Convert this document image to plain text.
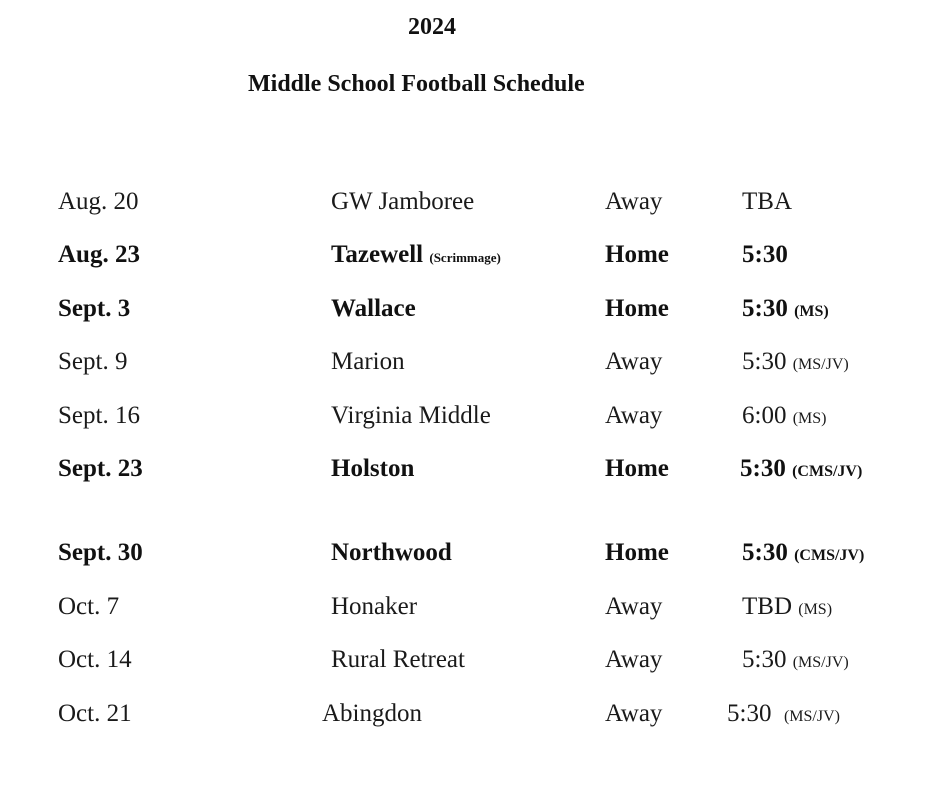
2024
Middle School Football Schedule
Aug. 20	GW Jamboree	Away	TBA
Aug. 23	Tazewell (Scrimmage)	Home	5:30
Sept. 3	Wallace	Home	5:30 (MS)
Sept. 9	Marion	Away	5:30 (MS/JV)
Sept. 16	Virginia Middle	Away	6:00 (MS)
Sept. 23	Holston	Home	5:30 (CMS/JV)
Sept. 30	Northwood	Home	5:30 (CMS/JV)
Oct. 7	Honaker	Away	TBD (MS)
Oct. 14	Rural Retreat	Away	5:30 (MS/JV)
Oct. 21	Abingdon	Away	5:30 (MS/JV)
